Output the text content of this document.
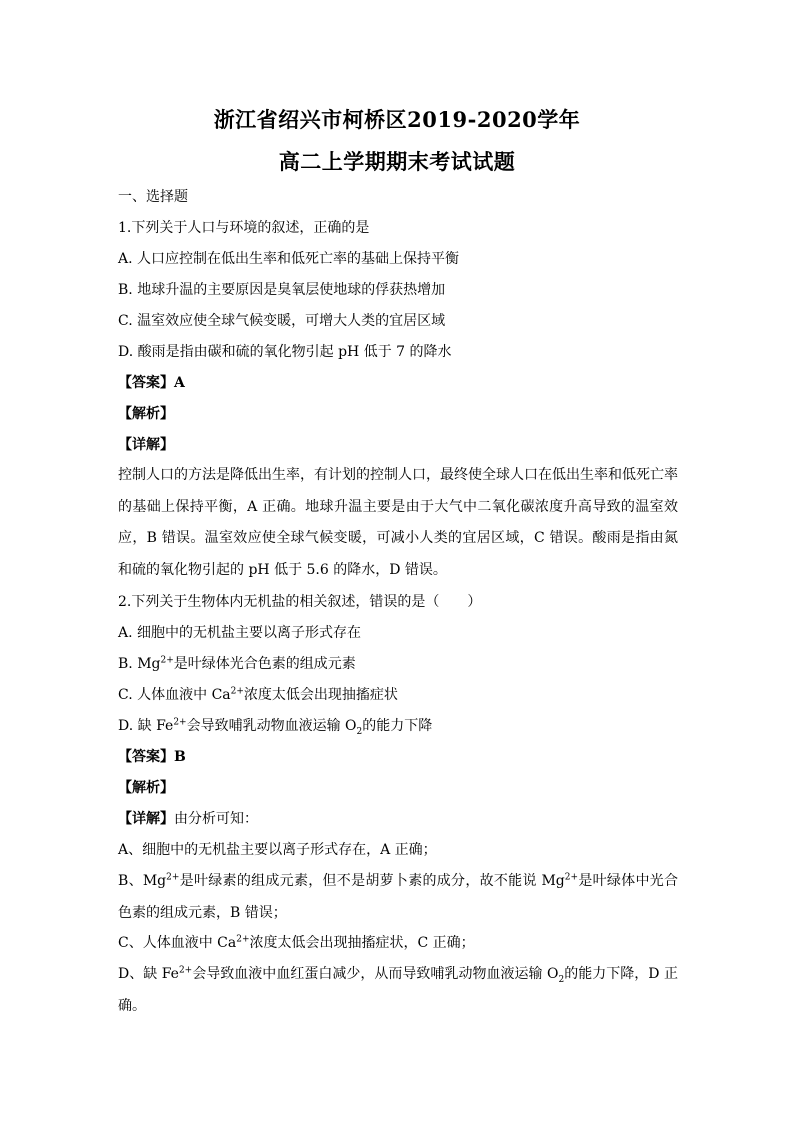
浙江省绍兴市柯桥区2019-2020学年
高二上学期期末考试试题
一、选择题
1.下列关于人口与环境的叙述，正确的是
A. 人口应控制在低出生率和低死亡率的基础上保持平衡
B. 地球升温的主要原因是臭氧层使地球的俘获热增加
C. 温室效应使全球气候变暖，可增大人类的宜居区域
D. 酸雨是指由碳和硫的氧化物引起 pH 低于 7 的降水
【答案】A
【解析】
【详解】
控制人口的方法是降低出生率，有计划的控制人口，最终使全球人口在低出生率和低死亡率的基础上保持平衡，A 正确。地球升温主要是由于大气中二氧化碳浓度升高导致的温室效应，B 错误。温室效应使全球气候变暖，可减小人类的宜居区域，C 错误。酸雨是指由氮和硫的氧化物引起的 pH 低于 5.6 的降水，D 错误。
2.下列关于生物体内无机盐的相关叙述，错误的是（　　）
A. 细胞中的无机盐主要以离子形式存在
B. $Mg^{2+}$是叶绿体光合色素的组成元素
C. 人体血液中 $Ca^{2+}$浓度太低会出现抽搐症状
D. 缺 $Fe^{2+}$会导致哺乳动物血液运输 $O_2$的能力下降
【答案】B
【解析】
【详解】由分析可知：
A、细胞中的无机盐主要以离子形式存在，A 正确；
B、$Mg^{2+}$是叶绿素的组成元素，但不是胡萝卜素的成分，故不能说 $Mg^{2+}$是叶绿体中光合色素的组成元素，B 错误；
C、人体血液中 $Ca^{2+}$浓度太低会出现抽搐症状，C 正确；
D、缺 $Fe^{2+}$会导致血液中血红蛋白减少，从而导致哺乳动物血液运输 $O_2$的能力下降，D 正确。
